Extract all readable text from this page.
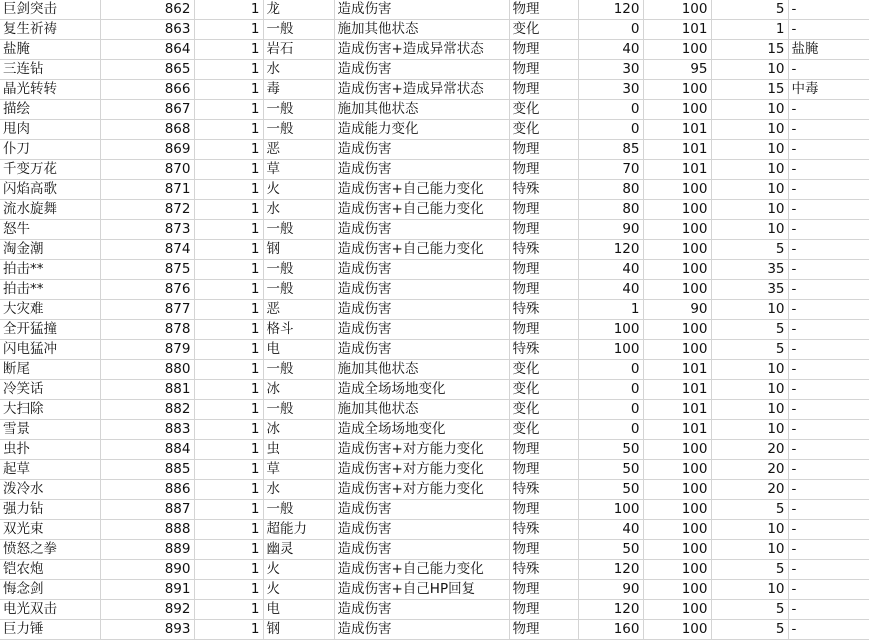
巨剑突击	862	1	龙	造成伤害	物理	120	100	5	-
复生祈祷	863	1	一般	施加其他状态	变化	0	101	1	-
盐腌	864	1	岩石	造成伤害+造成异常状态	物理	40	100	15	盐腌
三连钻	865	1	水	造成伤害	物理	30	95	10	-
晶光转转	866	1	毒	造成伤害+造成异常状态	物理	30	100	15	中毒
描绘	867	1	一般	施加其他状态	变化	0	100	10	-
甩肉	868	1	一般	造成能力变化	变化	0	101	10	-
仆刀	869	1	恶	造成伤害	物理	85	101	10	-
千变万花	870	1	草	造成伤害	物理	70	101	10	-
闪焰高歌	871	1	火	造成伤害+自己能力变化	特殊	80	100	10	-
流水旋舞	872	1	水	造成伤害+自己能力变化	物理	80	100	10	-
怒牛	873	1	一般	造成伤害	物理	90	100	10	-
淘金潮	874	1	钢	造成伤害+自己能力变化	特殊	120	100	5	-
拍击**	875	1	一般	造成伤害	物理	40	100	35	-
拍击**	876	1	一般	造成伤害	物理	40	100	35	-
大灾难	877	1	恶	造成伤害	特殊	1	90	10	-
全开猛撞	878	1	格斗	造成伤害	物理	100	100	5	-
闪电猛冲	879	1	电	造成伤害	特殊	100	100	5	-
断尾	880	1	一般	施加其他状态	变化	0	101	10	-
冷笑话	881	1	冰	造成全场场地变化	变化	0	101	10	-
大扫除	882	1	一般	施加其他状态	变化	0	101	10	-
雪景	883	1	冰	造成全场场地变化	变化	0	101	10	-
虫扑	884	1	虫	造成伤害+对方能力变化	物理	50	100	20	-
起草	885	1	草	造成伤害+对方能力变化	物理	50	100	20	-
泼冷水	886	1	水	造成伤害+对方能力变化	特殊	50	100	20	-
强力钻	887	1	一般	造成伤害	物理	100	100	5	-
双光束	888	1	超能力	造成伤害	特殊	40	100	10	-
愤怒之拳	889	1	幽灵	造成伤害	物理	50	100	10	-
铠农炮	890	1	火	造成伤害+自己能力变化	特殊	120	100	5	-
悔念剑	891	1	火	造成伤害+自己HP回复	物理	90	100	10	-
电光双击	892	1	电	造成伤害	物理	120	100	5	-
巨力锤	893	1	钢	造成伤害	物理	160	100	5	-
